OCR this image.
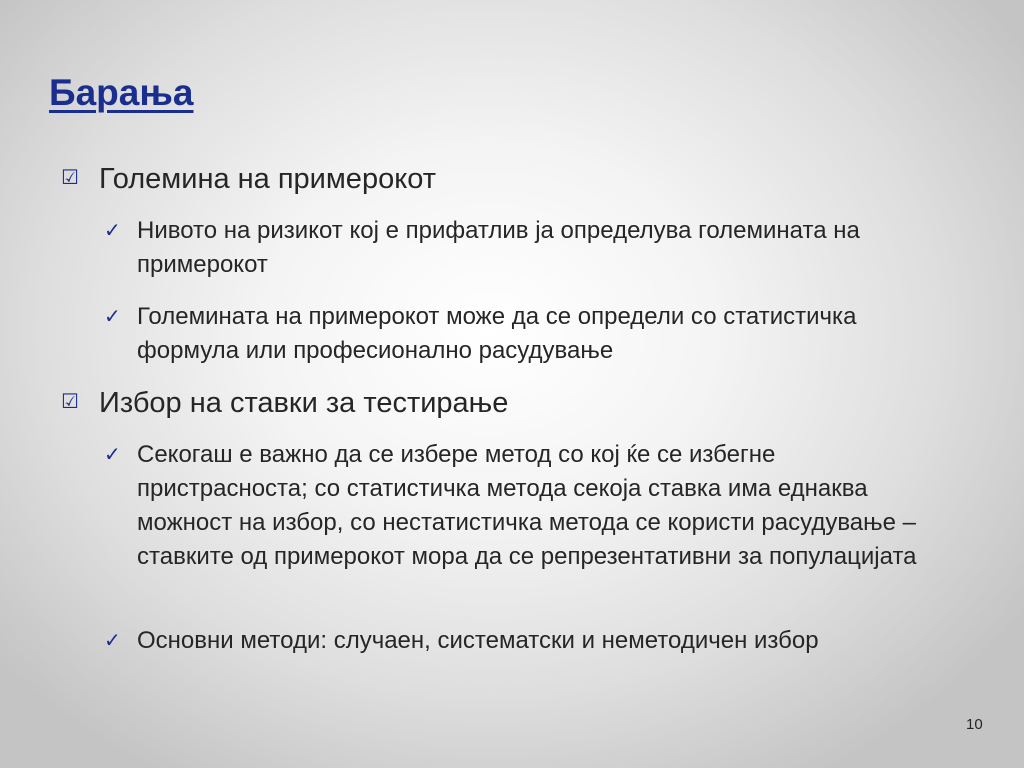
Барања
☑ Големина на примерокот
✓ Нивото на ризикот кој е прифатлив ја определува големината на примерокот
✓ Големината на примерокот може да се определи со статистичка формула или професионално расудување
☑ Избор на ставки за тестирање
✓ Секогаш е важно да се избере метод со кој ќе се избегне пристрасноста; со статистичка метода секоја ставка има еднаква можност на избор, со нестатистичка метода се користи расудување – ставките од примерокот мора да се репрезентативни за популацијата
✓ Основни методи: случаен, систематски и неметодичен избор
10
